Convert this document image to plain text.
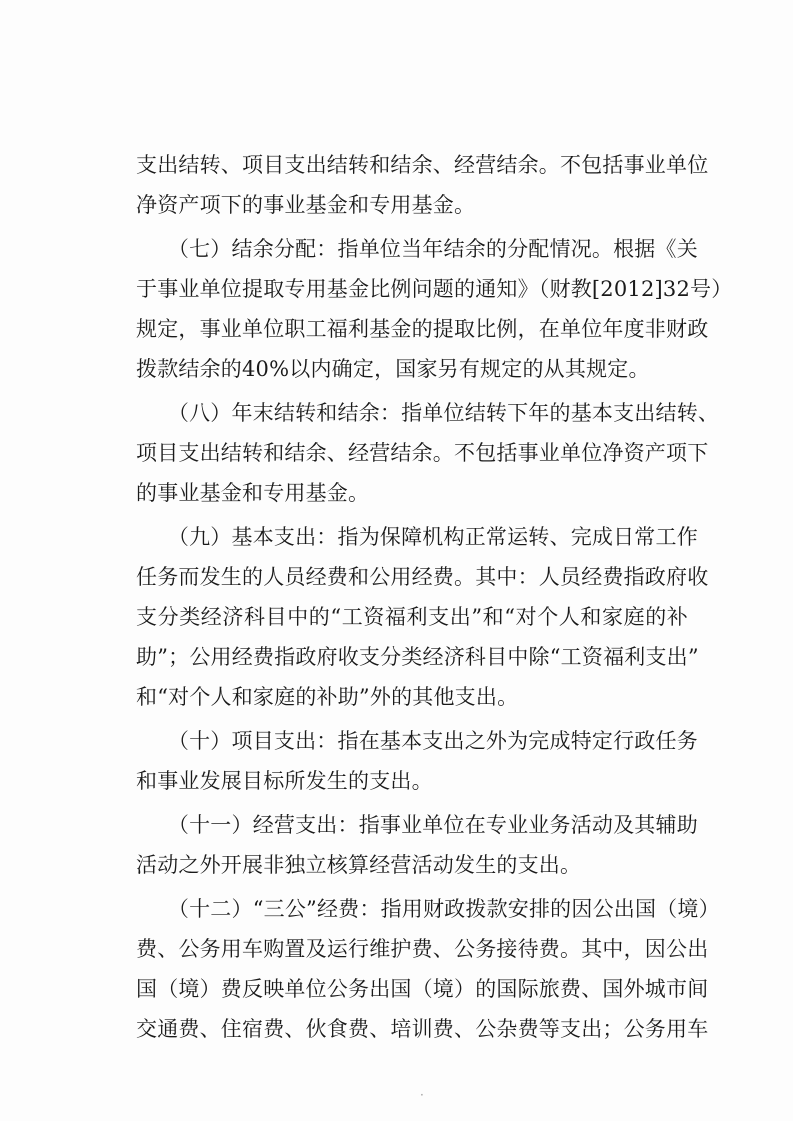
支出结转、项目支出结转和结余、经营结余。不包括事业单位
净资产项下的事业基金和专用基金。
　　（七）结余分配：指单位当年结余的分配情况。根据《关
于事业单位提取专用基金比例问题的通知》（财教[2012]32号）
规定，事业单位职工福利基金的提取比例，在单位年度非财政
拨款结余的40%以内确定，国家另有规定的从其规定。
　　（八）年末结转和结余：指单位结转下年的基本支出结转、
项目支出结转和结余、经营结余。不包括事业单位净资产项下
的事业基金和专用基金。
　　（九）基本支出：指为保障机构正常运转、完成日常工作
任务而发生的人员经费和公用经费。其中：人员经费指政府收
支分类经济科目中的“工资福利支出”和“对个人和家庭的补
助”；公用经费指政府收支分类经济科目中除“工资福利支出”
和“对个人和家庭的补助”外的其他支出。
　　（十）项目支出：指在基本支出之外为完成特定行政任务
和事业发展目标所发生的支出。
　　（十一）经营支出：指事业单位在专业业务活动及其辅助
活动之外开展非独立核算经营活动发生的支出。
　　（十二）“三公”经费：指用财政拨款安排的因公出国（境）
费、公务用车购置及运行维护费、公务接待费。其中，因公出
国（境）费反映单位公务出国（境）的国际旅费、国外城市间
交通费、住宿费、伙食费、培训费、公杂费等支出；公务用车
·
